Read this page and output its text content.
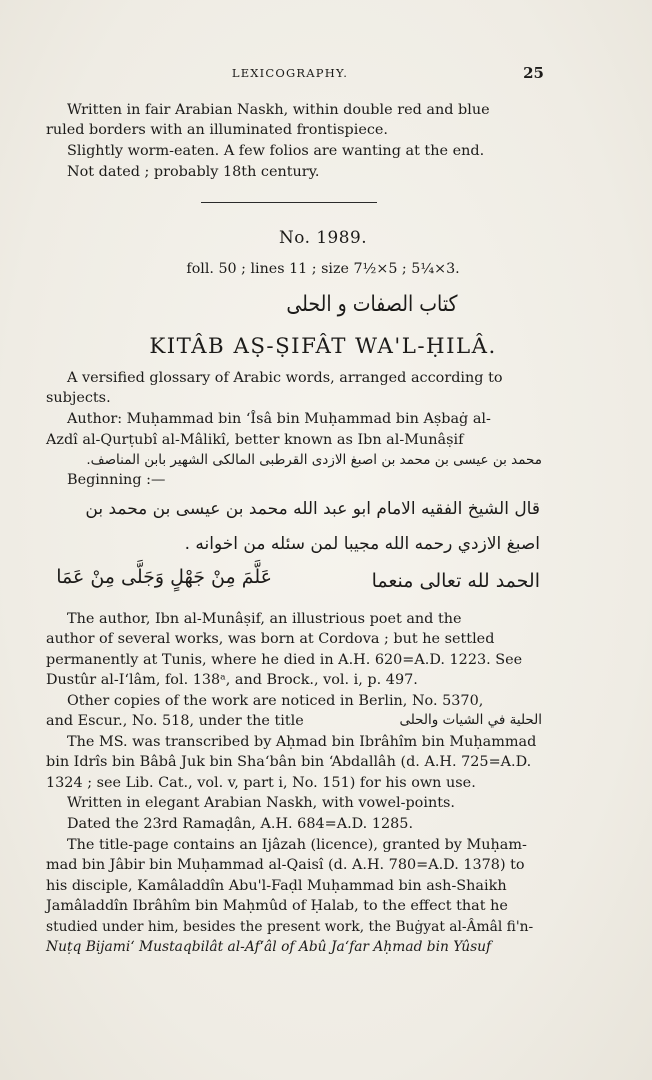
LEXICOGRAPHY.	25
Written in fair Arabian Naskh, within double red and blue
ruled borders with an illuminated frontispiece.
Slightly worm-eaten. A few folios are wanting at the end.
Not dated ; probably 18th century.
No. 1989.
foll. 50 ; lines 11 ; size 7½×5 ; 5¼×3.
كتاب الصفات و الحلى
KITÂB AṢ-ṢIFÂT WA'L-ḤILÂ.
A versified glossary of Arabic words, arranged according to
subjects.
Author: Muḥammad bin ʻÎsâ bin Muḥammad bin Aṣbaġ al-
Azdî al-Qurṭubî al-Mâlikî, better known as Ibn al-Munâṣif
محمد بن عيسى بن محمد بن اصبغ الازدى القرطبى المالكى الشهير بابن المناصف.
Beginning :—
قال الشيخ الفقيه الامام ابو عبد الله محمد بن عيسى بن محمد بن
اصبغ الازدي رحمه الله مجيبا لمن سئله من اخوانه .
الحمد لله تعالى منعما
عَلَّمَ مِنْ جَهْلٍ وَجَلَّى مِنْ عَمَا
The author, Ibn al-Munâṣif, an illustrious poet and the
author of several works, was born at Cordova ; but he settled
permanently at Tunis, where he died in A.H. 620=A.D. 1223. See
Dustûr al-Iʻlâm, fol. 138ᵃ, and Brock., vol. i, p. 497.
Other copies of the work are noticed in Berlin, No. 5370,
and Escur., No. 518, under the title	الحلية في الشيات والحلى
The MS. was transcribed by Aḥmad bin Ibrâhîm bin Muḥammad
bin Idrîs bin Bâbâ Juk bin Shaʻbân bin ʻAbdallâh (d. A.H. 725=A.D.
1324 ; see Lib. Cat., vol. v, part i, No. 151) for his own use.
Written in elegant Arabian Naskh, with vowel-points.
Dated the 23rd Ramaḍân, A.H. 684=A.D. 1285.
The title-page contains an Ijâzah (licence), granted by Muḥam-
mad bin Jâbir bin Muḥammad al-Qaisî (d. A.H. 780=A.D. 1378) to
his disciple, Kamâladdîn Abu'l-Faḍl Muḥammad bin ash-Shaikh
Jamâladdîn Ibrâhîm bin Maḥmûd of Ḥalab, to the effect that he
studied under him, besides the present work, the Buġyat al-Âmâl fi'n-
Nuṭq Bijamiʻ Mustaqbilât al-Afʻâl of Abû Jaʻfar Aḥmad bin Yûsuf
